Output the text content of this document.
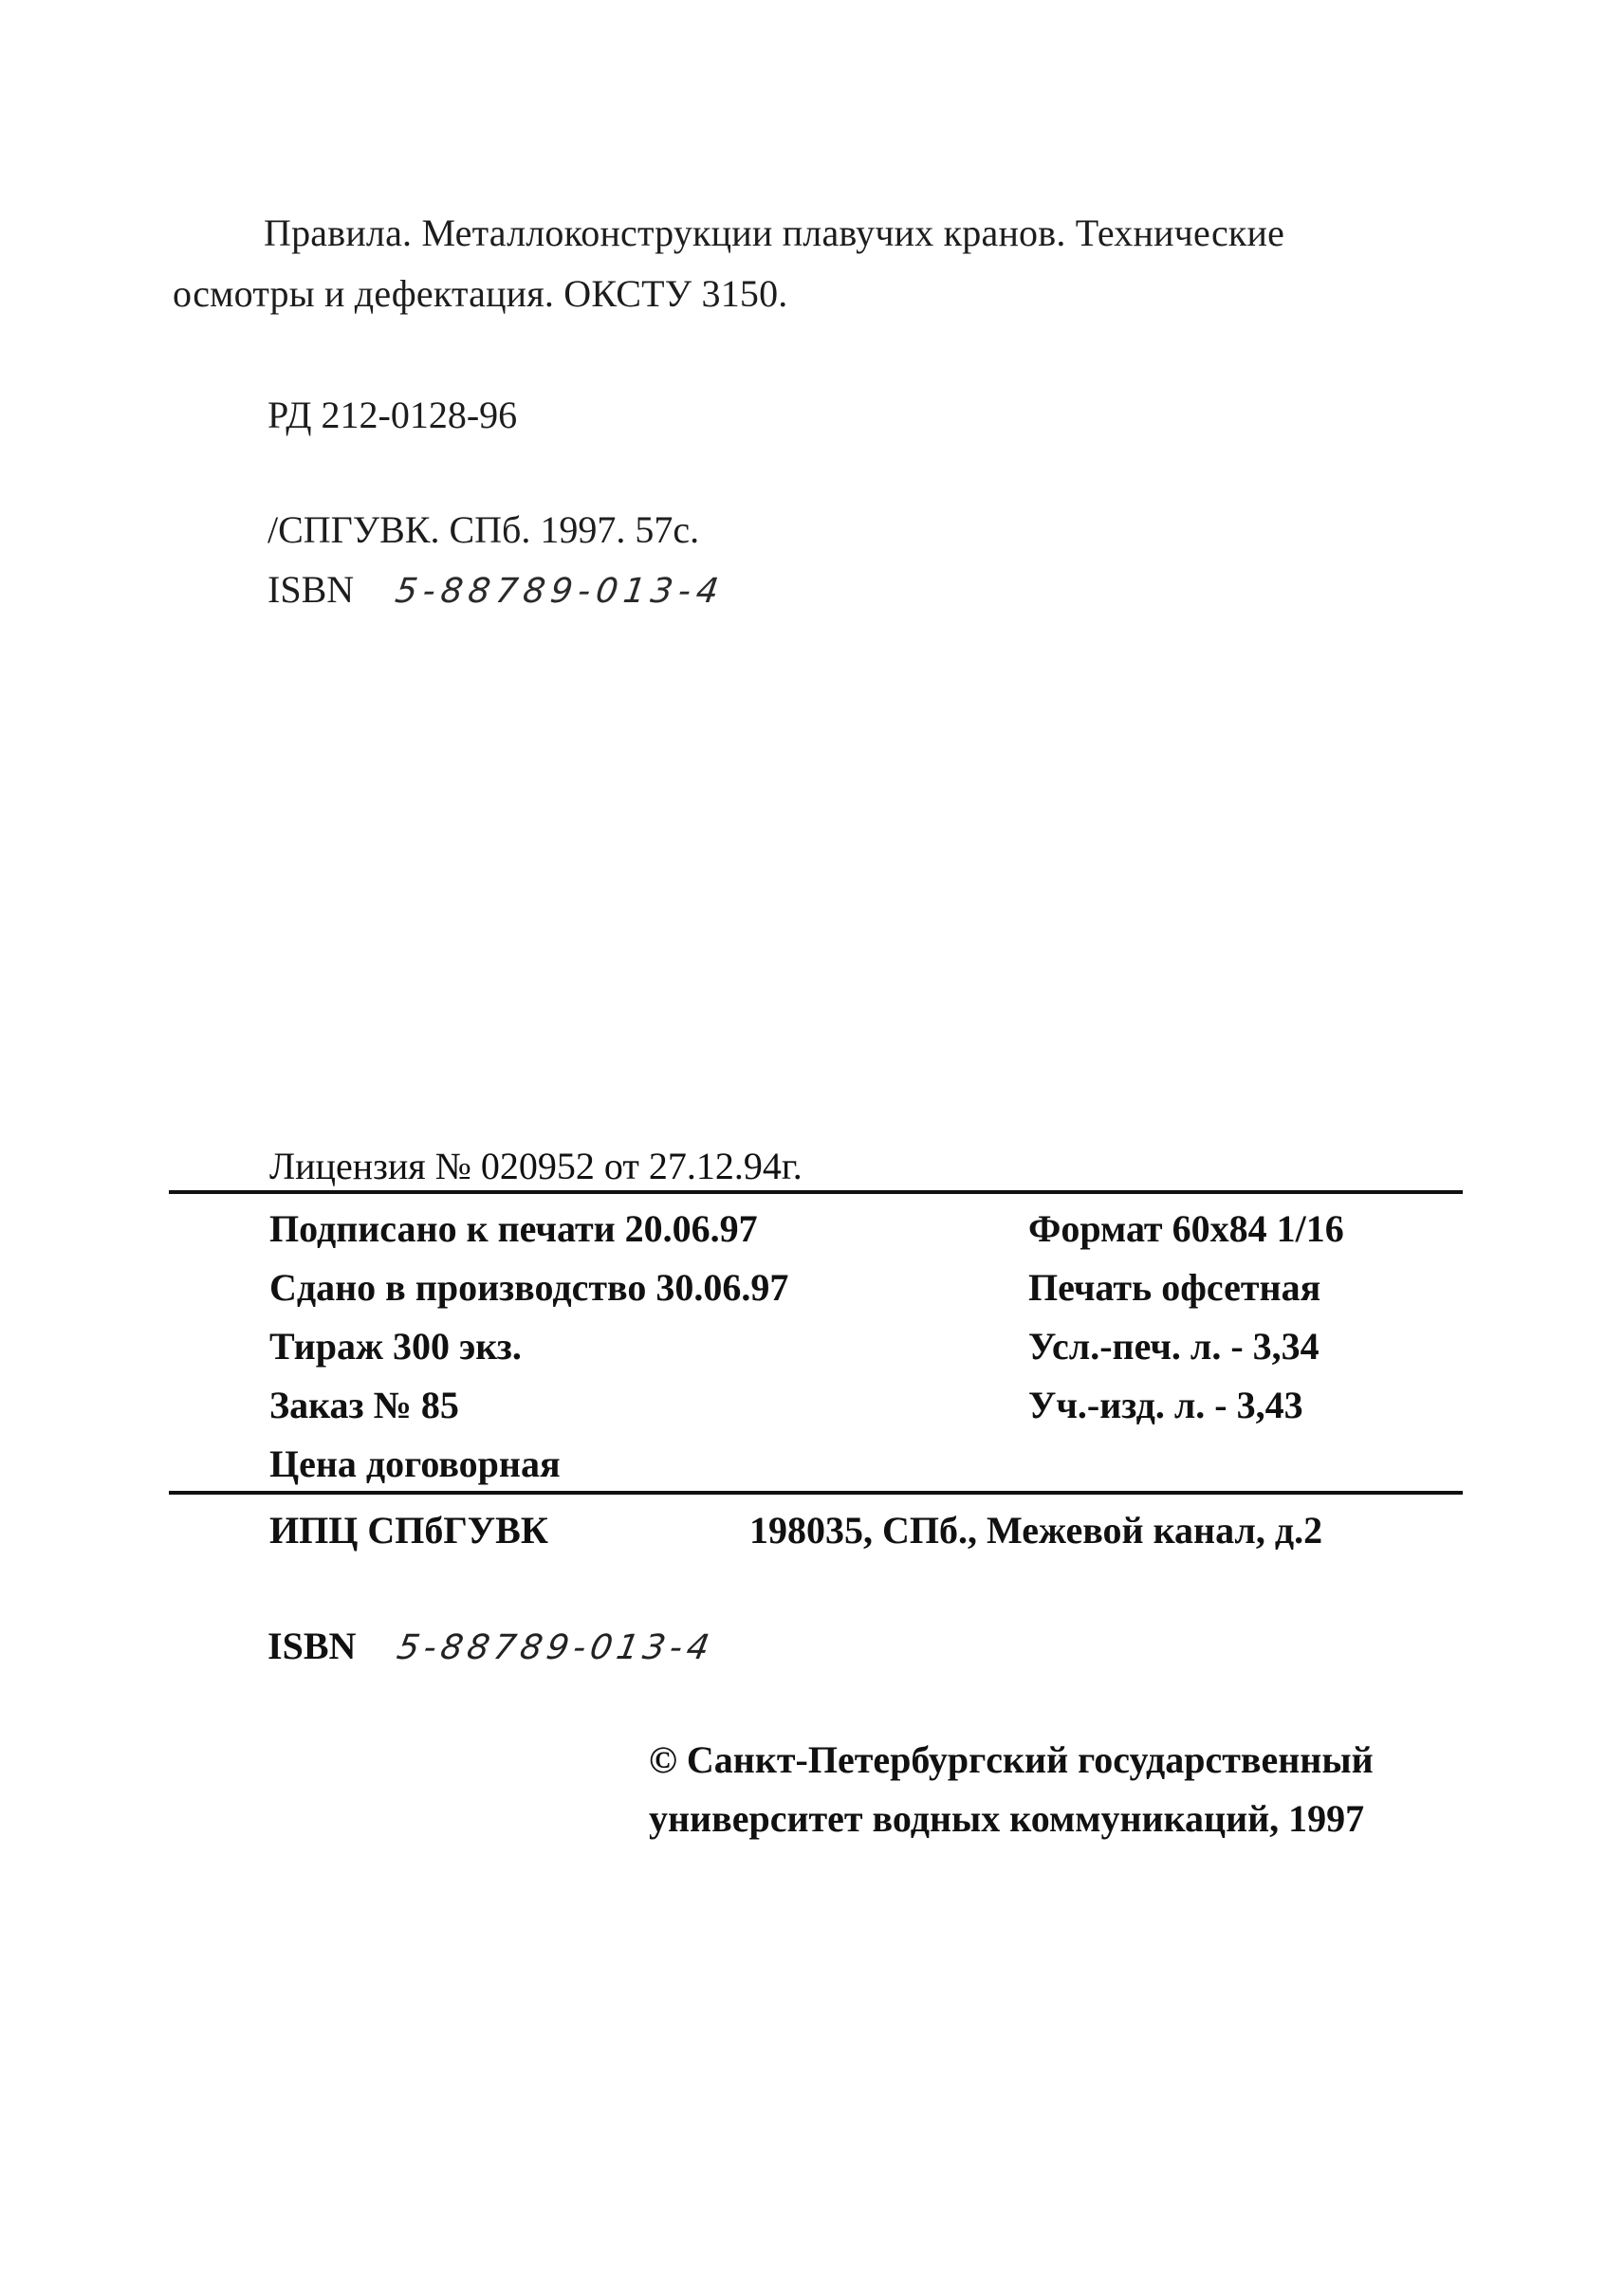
Правила. Металлоконструкции плавучих кранов. Технические
осмотры и дефектация. ОКСТУ 3150.
РД 212-0128-96
/СПГУВК. СПб. 1997. 57с.
ISBN 5-88789-013-4
Лицензия № 020952 от 27.12.94г.
Подписано к печати 20.06.97
Сдано в производство 30.06.97
Тираж 300 экз.
Заказ № 85
Цена договорная
Формат 60x84 1/16
Печать офсетная
Усл.-печ. л. - 3,34
Уч.-изд. л. - 3,43
ИПЦ СПбГУВК	198035, СПб., Межевой канал, д.2
ISBN 5-88789-013-4
© Санкт-Петербургский государственный
университет водных коммуникаций, 1997
